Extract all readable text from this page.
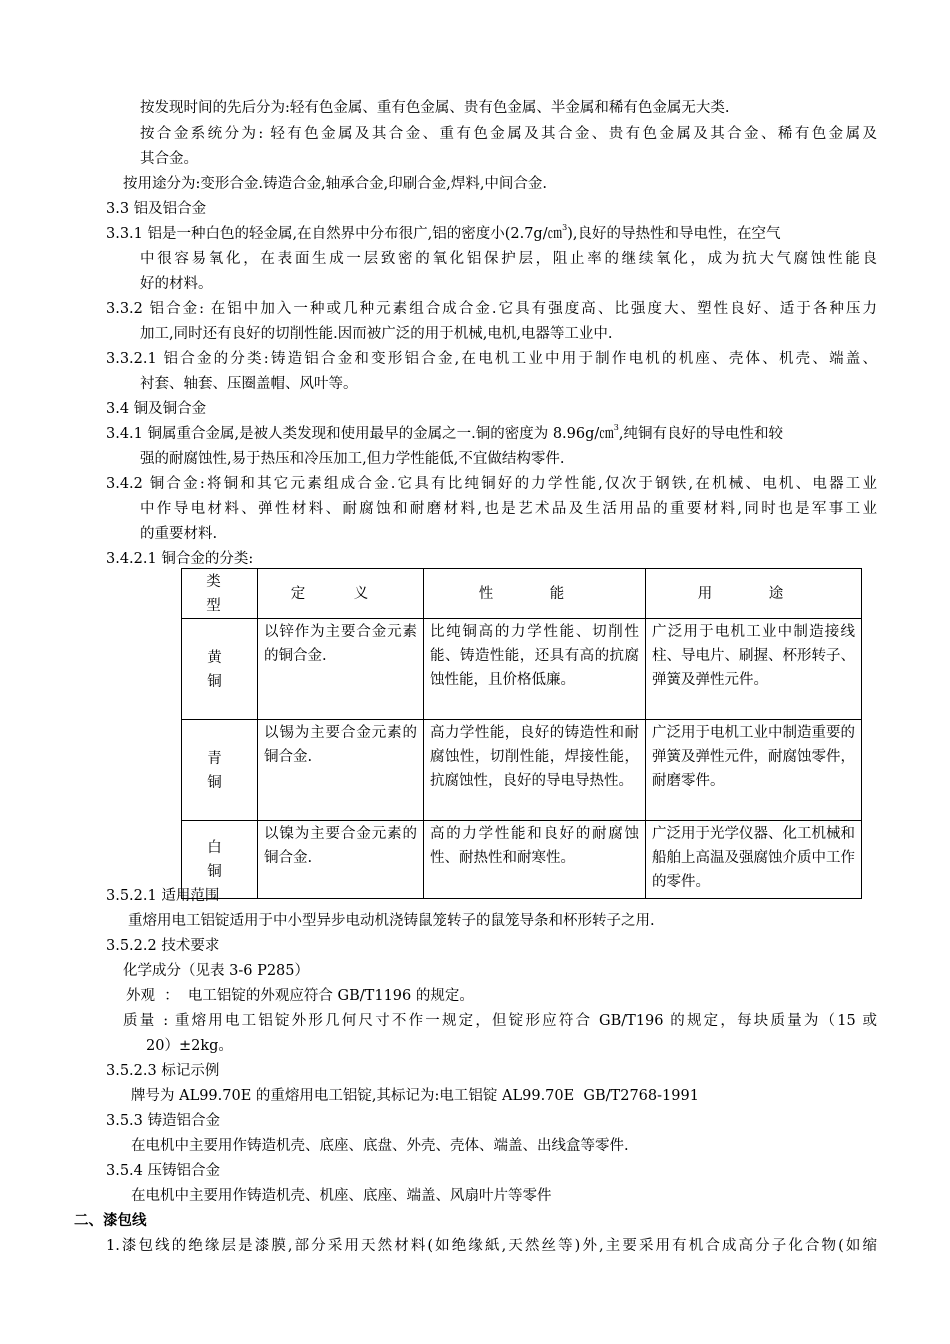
按发现时间的先后分为:轻有色金属、重有色金属、贵有色金属、半金属和稀有色金属无大类.
按合金系统分为: 轻有色金属及其合金、重有色金属及其合金、贵有色金属及其合金、稀有色金属及
其合金。
按用途分为:变形合金.铸造合金,轴承合金,印刷合金,焊料,中间合金.
3.3 铝及铝合金
3.3.1 铝是一种白色的轻金属,在自然界中分布很广,铝的密度小(2.7g/㎝$^3$),良好的导热性和导电性，在空气
中很容易氧化，在表面生成一层致密的氧化铝保护层，阻止率的继续氧化，成为抗大气腐蚀性能良
好的材料。
3.3.2 铝合金: 在铝中加入一种或几种元素组合成合金.它具有强度高、比强度大、塑性良好、适于各种压力
加工,同时还有良好的切削性能.因而被广泛的用于机械,电机,电器等工业中.
3.3.2.1 铝合金的分类:铸造铝合金和变形铝合金,在电机工业中用于制作电机的机座、壳体、机壳、端盖、
衬套、轴套、压圈盖帽、风叶等。
3.4 铜及铜合金
3.4.1 铜属重合金属,是被人类发现和使用最早的金属之一.铜的密度为 8.96g/㎝$^3$,纯铜有良好的导电性和较
强的耐腐蚀性,易于热压和冷压加工,但力学性能低,不宜做结构零件.
3.4.2 铜合金:将铜和其它元素组成合金.它具有比纯铜好的力学性能,仅次于钢铁,在机械、电机、电器工业
中作导电材料、弹性材料、耐腐蚀和耐磨材料,也是艺术品及生活用品的重要材料,同时也是军事工业
的重要材料.
3.4.2.1 铜合金的分类:
类 型	定 义	性 能	用 途
黄 铜	以锌作为主要合金元素的铜合金.	比纯铜高的力学性能、切削性能、铸造性能，还具有高的抗腐蚀性能，且价格低廉。	广泛用于电机工业中制造接线柱、导电片、刷握、杯形转子、弹簧及弹性元件。
青 铜	以锡为主要合金元素的铜合金.	高力学性能，良好的铸造性和耐腐蚀性，切削性能，焊接性能，抗腐蚀性，良好的导电导热性。	广泛用于电机工业中制造重要的弹簧及弹性元件，耐腐蚀零件，耐磨零件。
白 铜	以镍为主要合金元素的铜合金.	高的力学性能和良好的耐腐蚀性、耐热性和耐寒性。	广泛用于光学仪器、化工机械和船舶上高温及强腐蚀介质中工作的零件。
3.5.2.1 适用范围
重熔用电工铝锭适用于中小型异步电动机浇铸鼠笼转子的鼠笼导条和杯形转子之用.
3.5.2.2 技术要求
化学成分（见表 3-6 P285）
外观  ：  电工铝锭的外观应符合 GB/T1196 的规定。
质量 : 重熔用电工铝锭外形几何尺寸不作一规定，但锭形应符合 GB/T196 的规定，每块质量为（15 或
20）±2kg。
3.5.2.3 标记示例
牌号为 AL99.70E 的重熔用电工铝锭,其标记为:电工铝锭 AL99.70E  GB/T2768-1991
3.5.3 铸造铝合金
在电机中主要用作铸造机壳、底座、底盘、外壳、壳体、端盖、出线盒等零件.
3.5.4 压铸铝合金
在电机中主要用作铸造机壳、机座、底座、端盖、风扇叶片等零件
二、漆包线
1.漆包线的绝缘层是漆膜,部分采用天然材料(如绝缘紙,天然丝等)外,主要采用有机合成高分子化合物(如缩
